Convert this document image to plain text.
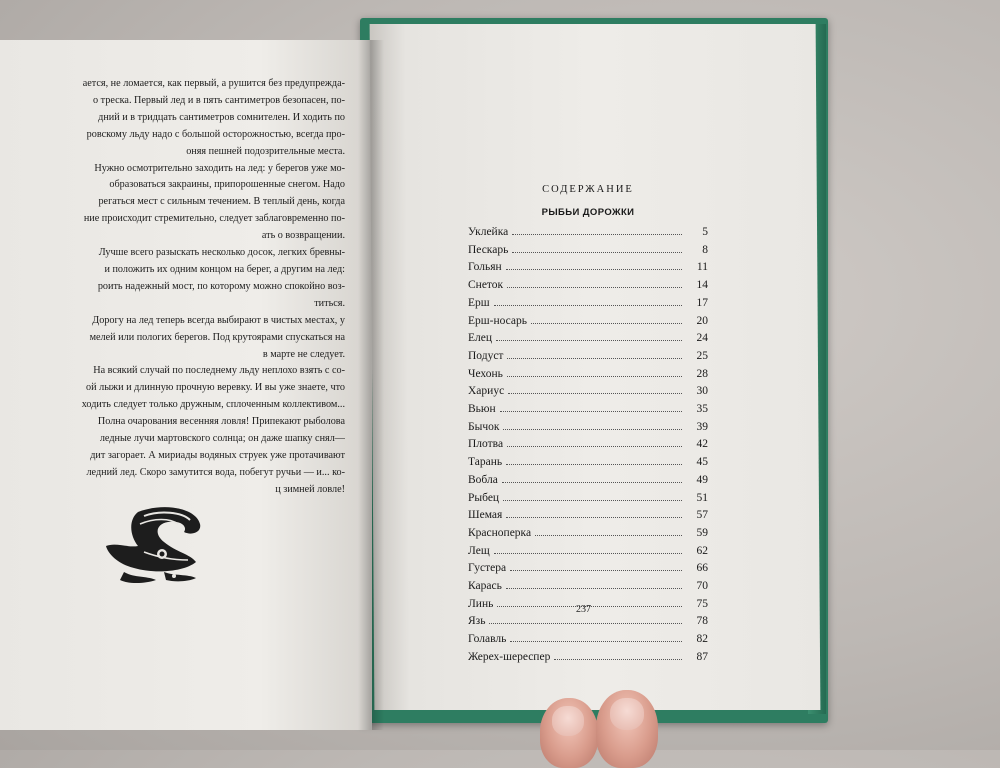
ается, не ломается, как первый, а рушится без предупрежда-
о треска. Первый лед и в пять сантиметров безопасен, по-
дний и в тридцать сантиметров сомнителен. И ходить по
ровскому льду надо с большой осторожностью, всегда про-
оняя пешней подозрительные места.
Нужно осмотрительно заходить на лед: у берегов уже мо-
образоваться закраины, припорошенные снегом. Надо
регаться мест с сильным течением. В теплый день, когда
ние происходит стремительно, следует заблаговременно по-
ать о возвращении.
Лучше всего разыскать несколько досок, легких бревны-
и положить их одним концом на берег, а другим на лед:
роить надежный мост, по которому можно спокойно воз-
титься.
Дорогу на лед теперь всегда выбирают в чистых местах, у
мелей или пологих берегов. Под крутоярами спускаться на
в марте не следует.
На всякий случай по последнему льду неплохо взять с со-
ой лыжи и длинную прочную веревку. И вы уже знаете, что
ходить следует только дружным, сплоченным коллективом...
Полна очарования весенняя ловля! Припекают рыболова
ледные лучи мартовского солнца; он даже шапку снял—
дит загорает. А мириады водяных струек уже протачивают
ледний лед. Скоро замутится вода, побегут ручьи — и... ко-
ц зимней ловле!
СОДЕРЖАНИЕ
РЫБЬИ ДОРОЖКИ
Уклейка	5
Пескарь	8
Гольян	11
Снеток	14
Ерш	17
Ерш-носарь	20
Елец	24
Подуст	25
Чехонь	28
Хариус	30
Вьюн	35
Бычок	39
Плотва	42
Тарань	45
Вобла	49
Рыбец	51
Шемая	57
Красноперка	59
Лещ	62
Густера	66
Карась	70
Линь	75
Язь	78
Голавль	82
Жерех-шереспер	87
237
